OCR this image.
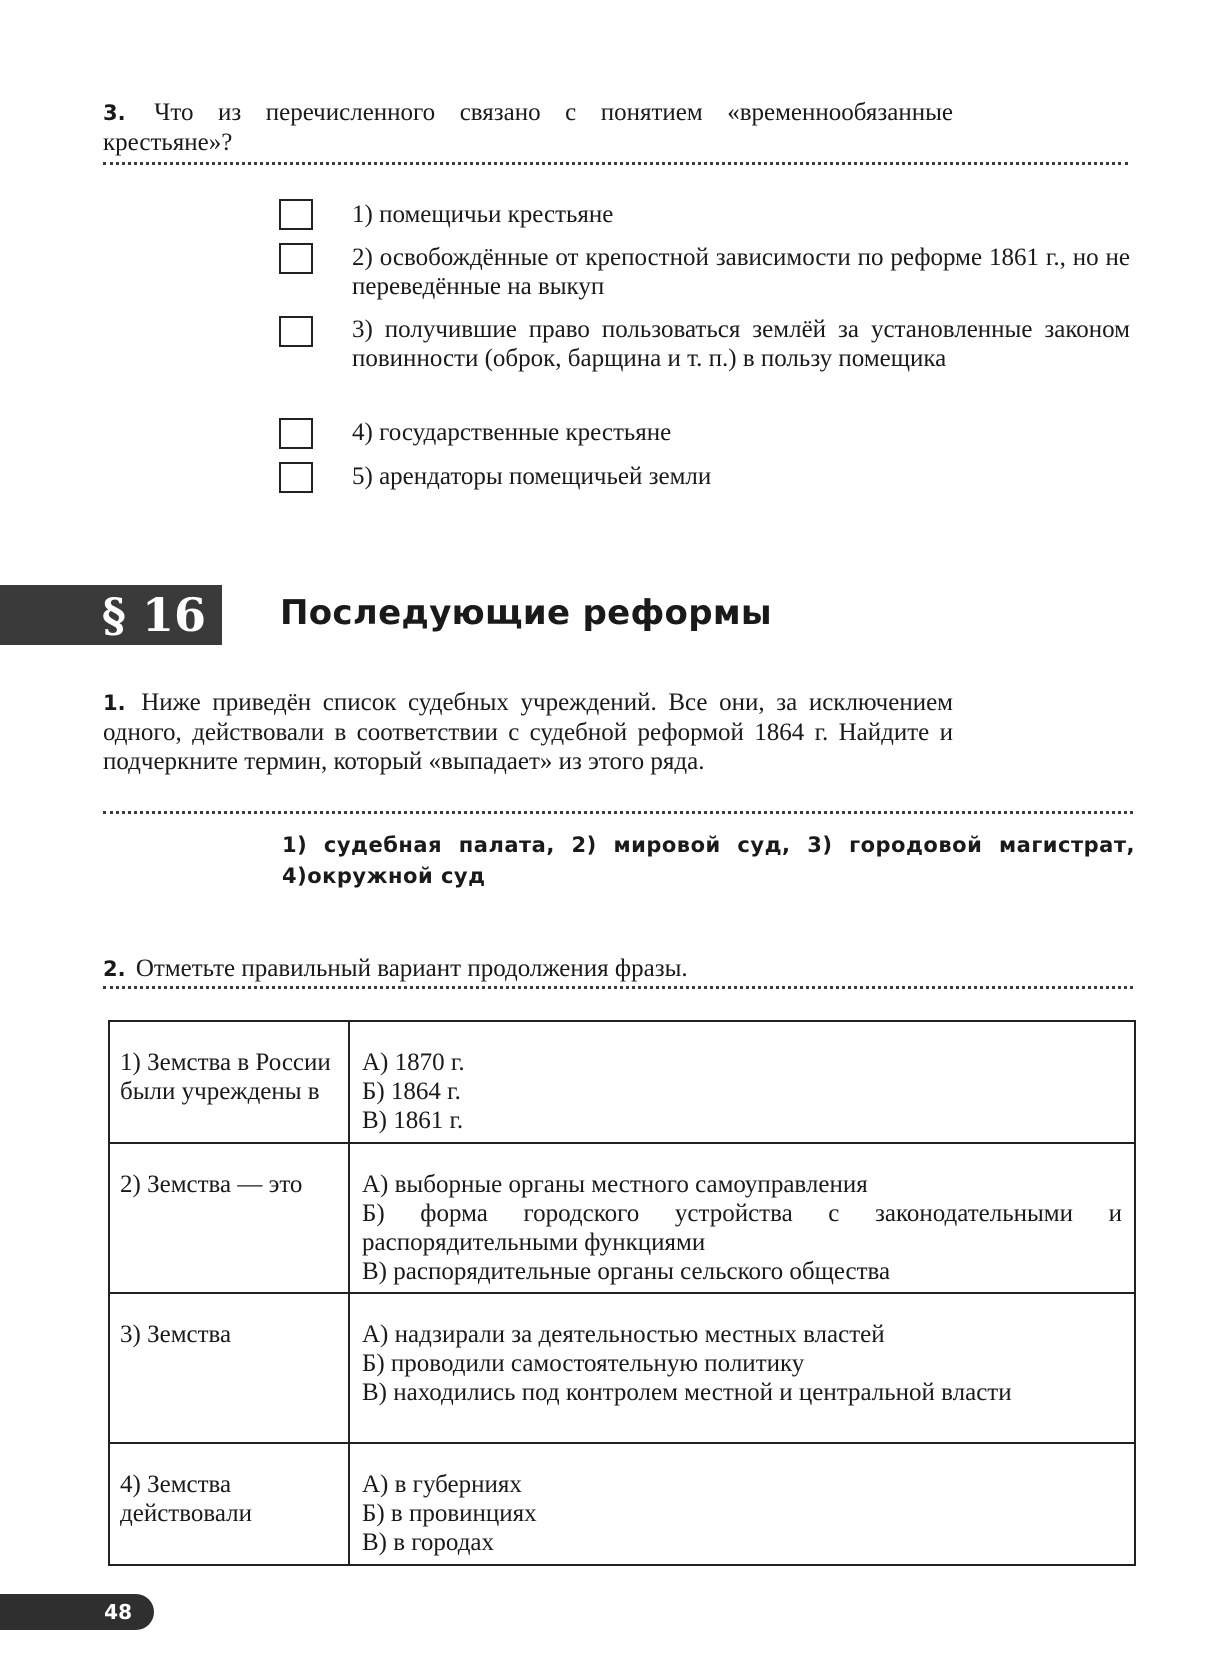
3. Что из перечисленного связано с понятием «временнообязанные крестьяне»?
1) помещичьи крестьяне
2) освобождённые от крепостной зависимости по реформе 1861 г., но не переведённые на выкуп
3) получившие право пользоваться землёй за установленные законом повинности (оброк, барщина и т. п.) в пользу помещика
4) государственные крестьяне
5) арендаторы помещичьей земли
§ 16	Последующие реформы
1. Ниже приведён список судебных учреждений. Все они, за исключением одного, действовали в соответствии с судебной реформой 1864 г. Найдите и подчеркните термин, который «выпадает» из этого ряда.
1) судебная палата, 2) мировой суд, 3) городовой магистрат, 4)окружной суд
2. Отметьте правильный вариант продолжения фразы.
1) Земства в России были учреждены в	А) 1870 г.
Б) 1864 г.
В) 1861 г.

2) Земства — это	А) выборные органы местного самоуправления
Б) форма городского устройства с законодательными и распорядительными функциями
В) распорядительные органы сельского общества

3) Земства	А) надзирали за деятельностью местных властей
Б) проводили самостоятельную политику
В) находились под контролем местной и центральной власти

4) Земства действовали	А) в губерниях
Б) в провинциях
В) в городах
48
